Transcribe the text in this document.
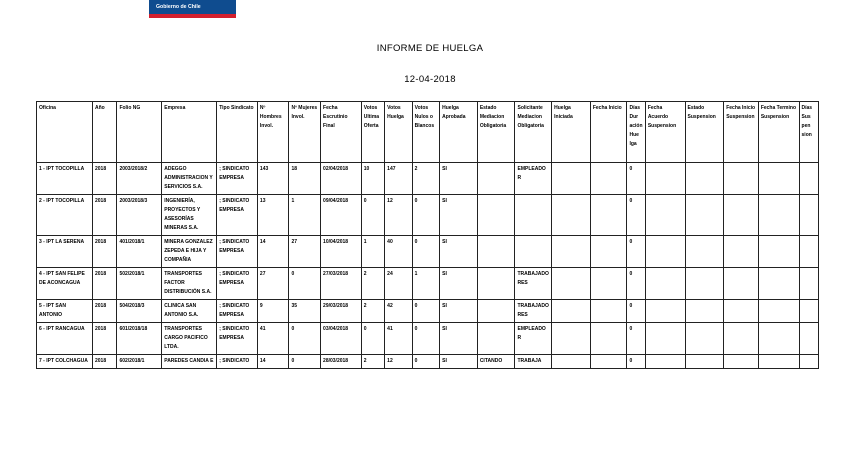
Gobierno de Chile
INFORME DE HUELGA
12-04-2018
Oficina	Año	Folio NG	Empresa	Tipo Sindicato	Nº Hombres Invol.	Nº Mujeres Invol.	Fecha Escrutinio Final	Votos Ultima Oferta	Votos Huelga	Votos Nulos o Blancos	Huelga Aprobada	Estado Mediacion Obligatoria	Solicitante Mediacion Obligatoria	Huelga Iniciada	Fecha Inicio	Días Dur ación Hue lga	Fecha Acuerdo Suspension	Estado Suspension	Fecha Inicio Suspension	Fecha Termino Suspension	Días Sus pen sion
1 - IPT TOCOPILLA	2018	2003/2018/2	ADEGGO ADMINISTRACION Y SERVICIOS S.A.	; SINDICATO EMPRESA	143	18	02/04/2018	10	147	2	SI		EMPLEADOR			0					
2 - IPT TOCOPILLA	2018	2003/2018/3	INGENIERÍA, PROYECTOS Y ASESORÍAS MINERAS S.A.	; SINDICATO EMPRESA	13	1	09/04/2018	0	12	0	SI					0					
3 - IPT LA SERENA	2018	401/2018/1	MINERA GONZALEZ ZEPEDA E HIJA Y COMPAÑIA	; SINDICATO EMPRESA	14	27	10/04/2018	1	40	0	SI					0					
4 - IPT SAN FELIPE DE ACONCAGUA	2018	502/2018/1	TRANSPORTES FACTOR DISTRIBUCIÓN S.A.	; SINDICATO EMPRESA	27	0	27/03/2018	2	24	1	SI		TRABAJADORES			0					
5 - IPT SAN ANTONIO	2018	504/2018/3	CLINICA SAN ANTONIO S.A.	; SINDICATO EMPRESA	9	35	29/03/2018	2	42	0	SI		TRABAJADORES			0					
6 - IPT RANCAGUA	2018	601/2018/18	TRANSPORTES CARGO PACIFICO LTDA.	; SINDICATO EMPRESA	41	0	03/04/2018	0	41	0	SI		EMPLEADOR			0					
7 - IPT COLCHAGUA	2018	602/2018/1	PAREDES CANDIA E	; SINDICATO	14	0	28/03/2018	2	12	0	SI	CITANDO	TRABAJA			0					
